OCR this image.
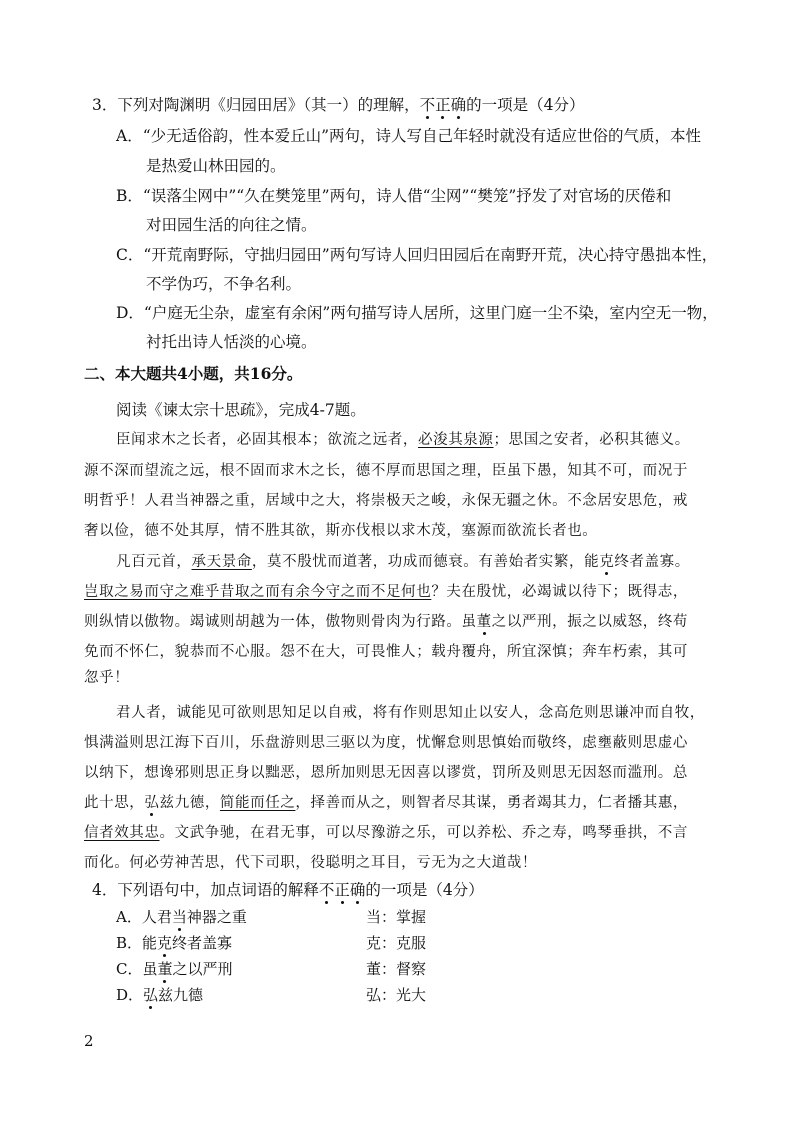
3．下列对陶渊明《归园田居》（其一）的理解，不正确的一项是（4分）
A．“少无适俗韵，性本爱丘山”两句，诗人写自己年轻时就没有适应世俗的气质，本性
是热爱山林田园的。
B．“误落尘网中”“久在樊笼里”两句，诗人借“尘网”“樊笼”抒发了对官场的厌倦和
对田园生活的向往之情。
C．“开荒南野际，守拙归园田”两句写诗人回归田园后在南野开荒，决心持守愚拙本性，
不学伪巧，不争名利。
D．“户庭无尘杂，虚室有余闲”两句描写诗人居所，这里门庭一尘不染，室内空无一物，
衬托出诗人恬淡的心境。
二、本大题共4小题，共16分。
阅读《谏太宗十思疏》，完成4-7题。
臣闻求木之长者，必固其根本；欲流之远者，必浚其泉源；思国之安者，必积其德义。
源不深而望流之远，根不固而求木之长，德不厚而思国之理，臣虽下愚，知其不可，而况于
明哲乎！人君当神器之重，居域中之大，将崇极天之峻，永保无疆之休。不念居安思危，戒
奢以俭，德不处其厚，情不胜其欲，斯亦伐根以求木茂，塞源而欲流长者也。
凡百元首，承天景命，莫不殷忧而道著，功成而德衰。有善始者实繁，能克终者盖寡。
岂取之易而守之难乎昔取之而有余今守之而不足何也？夫在殷忧，必竭诚以待下；既得志，
则纵情以傲物。竭诚则胡越为一体，傲物则骨肉为行路。虽董之以严刑，振之以威怒，终苟
免而不怀仁，貌恭而不心服。怨不在大，可畏惟人；载舟覆舟，所宜深慎；奔车朽索，其可
忽乎！
君人者，诚能见可欲则思知足以自戒，将有作则思知止以安人，念高危则思谦冲而自牧，
惧满溢则思江海下百川，乐盘游则思三驱以为度，忧懈怠则思慎始而敬终，虑壅蔽则思虚心
以纳下，想谗邪则思正身以黜恶，恩所加则思无因喜以谬赏，罚所及则思无因怒而滥刑。总
此十思，弘兹九德，简能而任之，择善而从之，则智者尽其谋，勇者竭其力，仁者播其惠，
信者效其忠。文武争驰，在君无事，可以尽豫游之乐，可以养松、乔之寿，鸣琴垂拱，不言
而化。何必劳神苦思，代下司职，役聪明之耳目，亏无为之大道哉！
4．下列语句中，加点词语的解释不正确的一项是（4分）
A．人君当神器之重	当：掌握
B．能克终者盖寡	克：克服
C．虽董之以严刑	董：督察
D．弘兹九德	弘：光大
2
